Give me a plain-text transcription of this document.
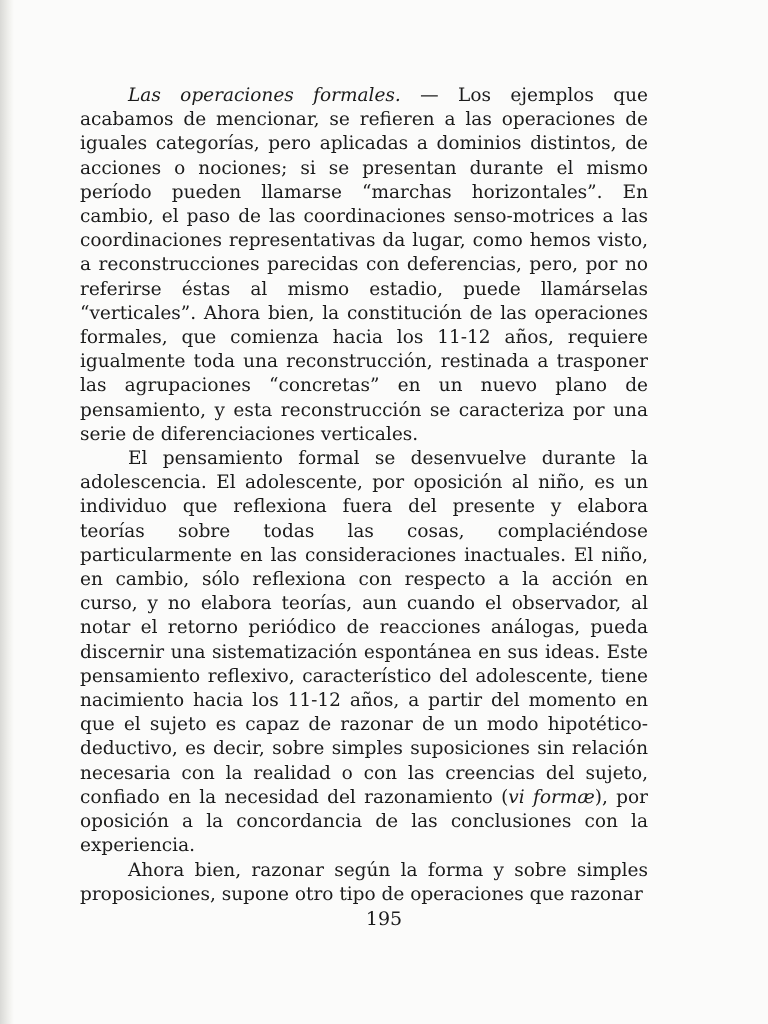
Las operaciones formales. — Los ejemplos que acabamos de mencionar, se refieren a las operaciones de iguales categorías, pero aplicadas a dominios distintos, de acciones o nociones; si se presentan durante el mismo período pueden llamarse “marchas horizontales”. En cambio, el paso de las coordinaciones senso-motrices a las coordinaciones representativas da lugar, como hemos visto, a reconstrucciones parecidas con deferencias, pero, por no referirse éstas al mismo estadio, puede llamárselas “verticales”. Ahora bien, la constitución de las operaciones formales, que comienza hacia los 11-12 años, requiere igualmente toda una reconstrucción, restinada a trasponer las agrupaciones “concretas” en un nuevo plano de pensamiento, y esta reconstrucción se caracteriza por una serie de diferenciaciones verticales.

El pensamiento formal se desenvuelve durante la adolescencia. El adolescente, por oposición al niño, es un individuo que reflexiona fuera del presente y elabora teorías sobre todas las cosas, complaciéndose particularmente en las consideraciones inactuales. El niño, en cambio, sólo reflexiona con respecto a la acción en curso, y no elabora teorías, aun cuando el observador, al notar el retorno periódico de reacciones análogas, pueda discernir una sistematización espontánea en sus ideas. Este pensamiento reflexivo, característico del adolescente, tiene nacimiento hacia los 11-12 años, a partir del momento en que el sujeto es capaz de razonar de un modo hipotético-deductivo, es decir, sobre simples suposiciones sin relación necesaria con la realidad o con las creencias del sujeto, confiado en la necesidad del razonamiento (vi formæ), por oposición a la concordancia de las conclusiones con la experiencia.

Ahora bien, razonar según la forma y sobre simples proposiciones, supone otro tipo de operaciones que razonar

195
